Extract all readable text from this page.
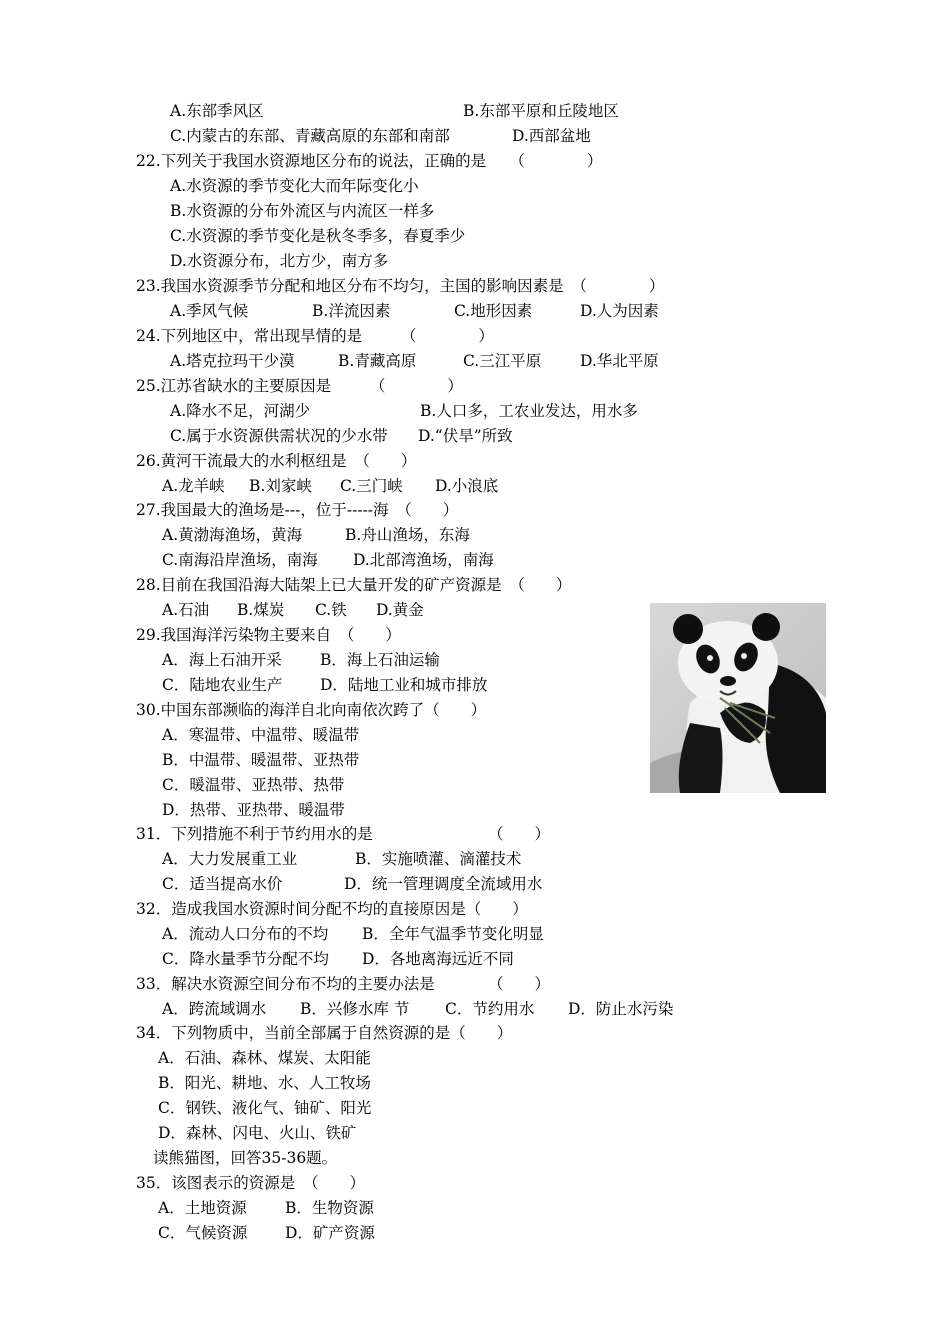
A.东部季风区	B.东部平原和丘陵地区
C.内蒙古的东部、青藏高原的东部和南部	D.西部盆地
22.下列关于我国水资源地区分布的说法，正确的是　　（　　　　）
A.水资源的季节变化大而年际变化小
B.水资源的分布外流区与内流区一样多
C.水资源的季节变化是秋冬季多，春夏季少
D.水资源分布，北方少，南方多
23.我国水资源季节分配和地区分布不均匀，主国的影响因素是　（　　　　）
A.季风气候	B.洋流因素	C.地形因素	D.人为因素
24.下列地区中，常出现旱情的是　　　（　　　　）
A.塔克拉玛干少漠	B.青藏高原	C.三江平原	D.华北平原
25.江苏省缺水的主要原因是　　　（　　　　）
A.降水不足，河湖少	B.人口多，工农业发达，用水多
C.属于水资源供需状况的少水带 D.“伏旱”所致
26.黄河干流最大的水利枢纽是　（　　）
A.龙羊峡 B.刘家峡 C.三门峡 D.小浪底
27.我国最大的渔场是---，位于-----海　（　　）
A.黄渤海渔场，黄海	B.舟山渔场，东海
C.南海沿岸渔场，南海 D.北部湾渔场，南海
28.目前在我国沿海大陆架上已大量开发的矿产资源是　（　　）
A.石油 B.煤炭 C.铁 D.黄金
29.我国海洋污染物主要来自　（　　）
A．海上石油开采 B．海上石油运输
C．陆地农业生产 D．陆地工业和城市排放
30.中国东部濒临的海洋自北向南依次跨了（　　）
A．寒温带、中温带、暖温带
B．中温带、暖温带、亚热带
C．暖温带、亚热带、热带
D．热带、亚热带、暖温带
31．下列措施不利于节约用水的是	（　　）
A．大力发展重工业	B．实施喷灌、滴灌技术
C．适当提高水价	D．统一管理调度全流域用水
32．造成我国水资源时间分配不均的直接原因是（　　）
A．流动人口分布的不均 B．全年气温季节变化明显
C．降水量季节分配不均 D．各地离海远近不同
33．解决水资源空间分布不均的主要办法是	（　　）
A．跨流域调水 B．兴修水库 节 C．节约用水 D．防止水污染
34．下列物质中，当前全部属于自然资源的是（　　）
A．石油、森林、煤炭、太阳能
B．阳光、耕地、水、人工牧场
C．钢铁、液化气、铀矿、阳光
D．森林、闪电、火山、铁矿
读熊猫图，回答35-36题。
35．该图表示的资源是　（　　）
A．土地资源 B．生物资源
C．气候资源 D．矿产资源
